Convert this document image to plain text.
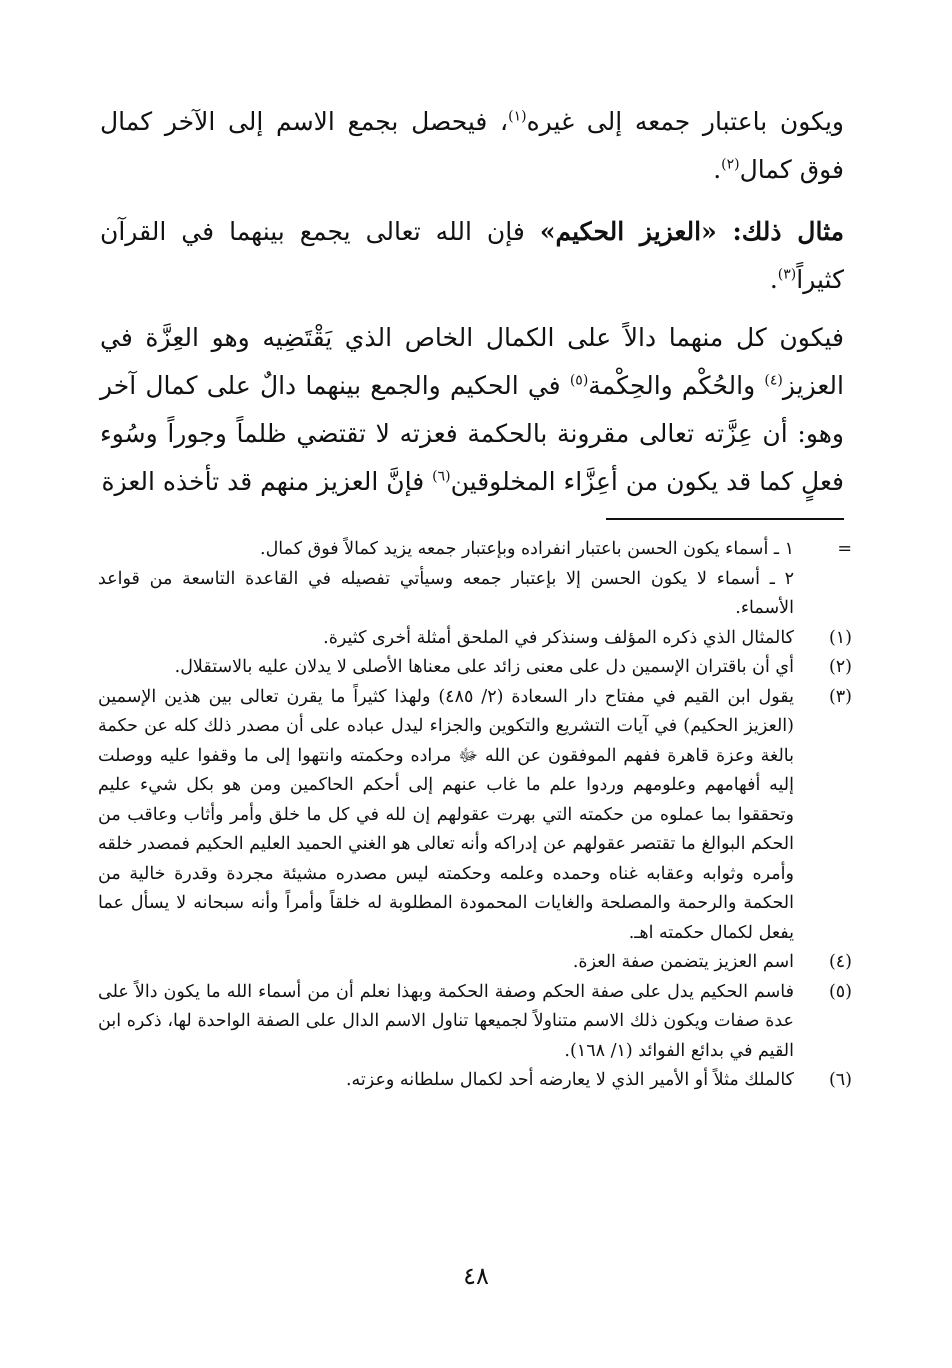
ويكون باعتبار جمعه إلى غيره$^{(١)}$، فيحصل بجمع الاسم إلى الآخر كمال فوق كمال$^{(٢)}$.

مثال ذلك: «العزيز الحكيم» فإن الله تعالى يجمع بينهما في القرآن كثيراً$^{(٣)}$.

فيكون كل منهما دالاً على الكمال الخاص الذي يَقْتَضِيه وهو العِزَّة في العزيز$^{(٤)}$ والحُكْم والحِكْمة$^{(٥)}$ في الحكيم والجمع بينهما دالٌ على كمال آخر وهو: أن عِزَّته تعالى مقرونة بالحكمة فعزته لا تقتضي ظلماً وجوراً وسُوء فعلٍ كما قد يكون من أعِزَّاء المخلوقين$^{(٦)}$ فإنَّ العزيز منهم قد تأخذه العزة

=
١ ـ أسماء يكون الحسن باعتبار انفراده وبإعتبار جمعه يزيد كمالاً فوق كمال.
٢ ـ أسماء لا يكون الحسن إلا بإعتبار جمعه وسيأتي تفصيله في القاعدة التاسعة من قواعد الأسماء.
(١)
كالمثال الذي ذكره المؤلف وسنذكر في الملحق أمثلة أخرى كثيرة.
(٢)
أي أن باقتران الإسمين دل على معنى زائد على معناها الأصلى لا يدلان عليه بالاستقلال.
(٣)
يقول ابن القيم في مفتاح دار السعادة (٢/ ٤٨٥) ولهذا كثيراً ما يقرن تعالى بين هذين الإسمين (العزيز الحكيم) في آيات التشريع والتكوين والجزاء ليدل عباده على أن مصدر ذلك كله عن حكمة بالغة وعزة قاهرة ففهم الموفقون عن الله ﷻ مراده وحكمته وانتهوا إلى ما وقفوا عليه ووصلت إليه أفهامهم وعلومهم وردوا علم ما غاب عنهم إلى أحكم الحاكمين ومن هو بكل شيء عليم وتحققوا بما عملوه من حكمته التي بهرت عقولهم إن لله في كل ما خلق وأمر وأثاب وعاقب من الحكم البوالغ ما تقتصر عقولهم عن إدراكه وأنه تعالى هو الغني الحميد العليم الحكيم فمصدر خلقه وأمره وثوابه وعقابه غناه وحمده وعلمه وحكمته ليس مصدره مشيئة مجردة وقدرة خالية من الحكمة والرحمة والمصلحة والغايات المحمودة المطلوبة له خلقاً وأمراً وأنه سبحانه لا يسأل عما يفعل لكمال حكمته اهـ.
(٤)
اسم العزيز يتضمن صفة العزة.
(٥)
فاسم الحكيم يدل على صفة الحكم وصفة الحكمة وبهذا نعلم أن من أسماء الله ما يكون دالاً على عدة صفات ويكون ذلك الاسم متناولاً لجميعها تناول الاسم الدال على الصفة الواحدة لها، ذكره ابن القيم في بدائع الفوائد (١/ ١٦٨).
(٦)
كالملك مثلاً أو الأمير الذي لا يعارضه أحد لكمال سلطانه وعزته.
٤٨
